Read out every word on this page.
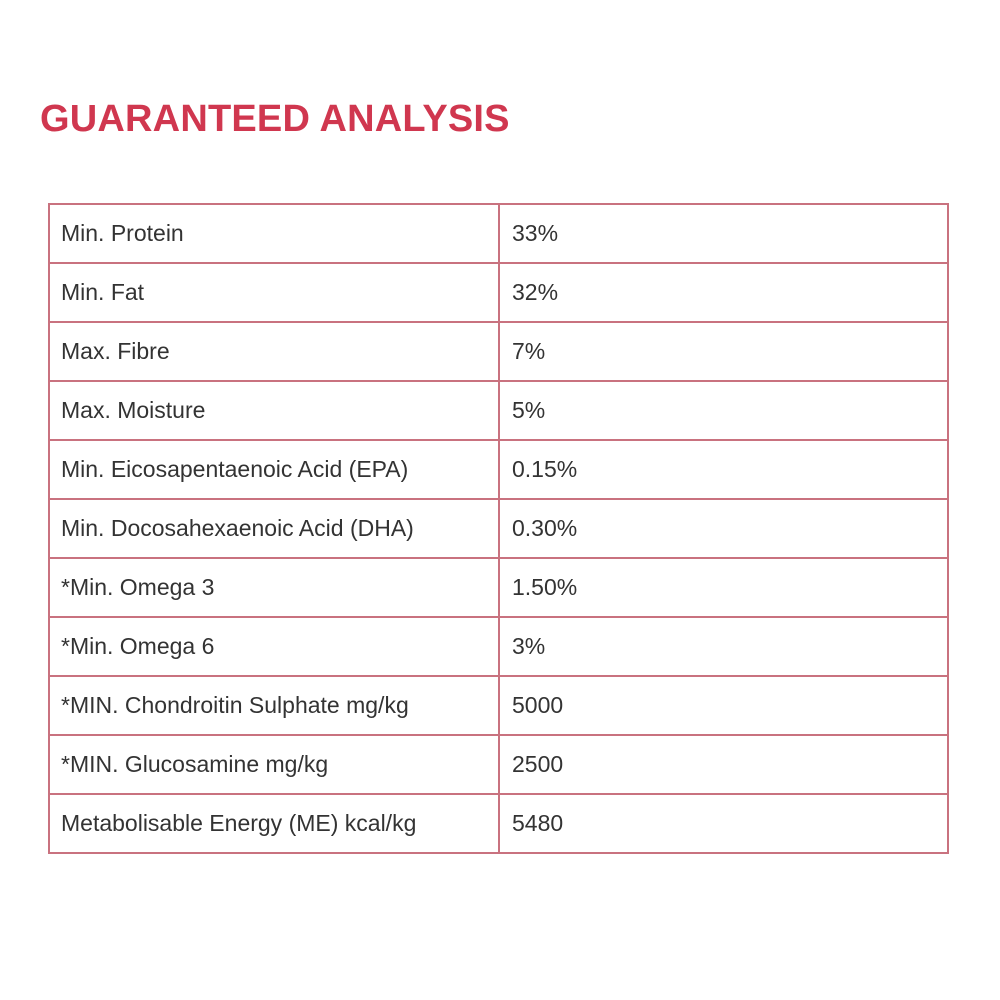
GUARANTEED ANALYSIS
Min. Protein	33%
Min. Fat	32%
Max. Fibre	7%
Max. Moisture	5%
Min. Eicosapentaenoic Acid (EPA)	0.15%
Min. Docosahexaenoic Acid (DHA)	0.30%
*Min. Omega 3	1.50%
*Min. Omega 6	3%
*MIN. Chondroitin Sulphate mg/kg	5000
*MIN. Glucosamine mg/kg	2500
Metabolisable Energy (ME) kcal/kg	5480
